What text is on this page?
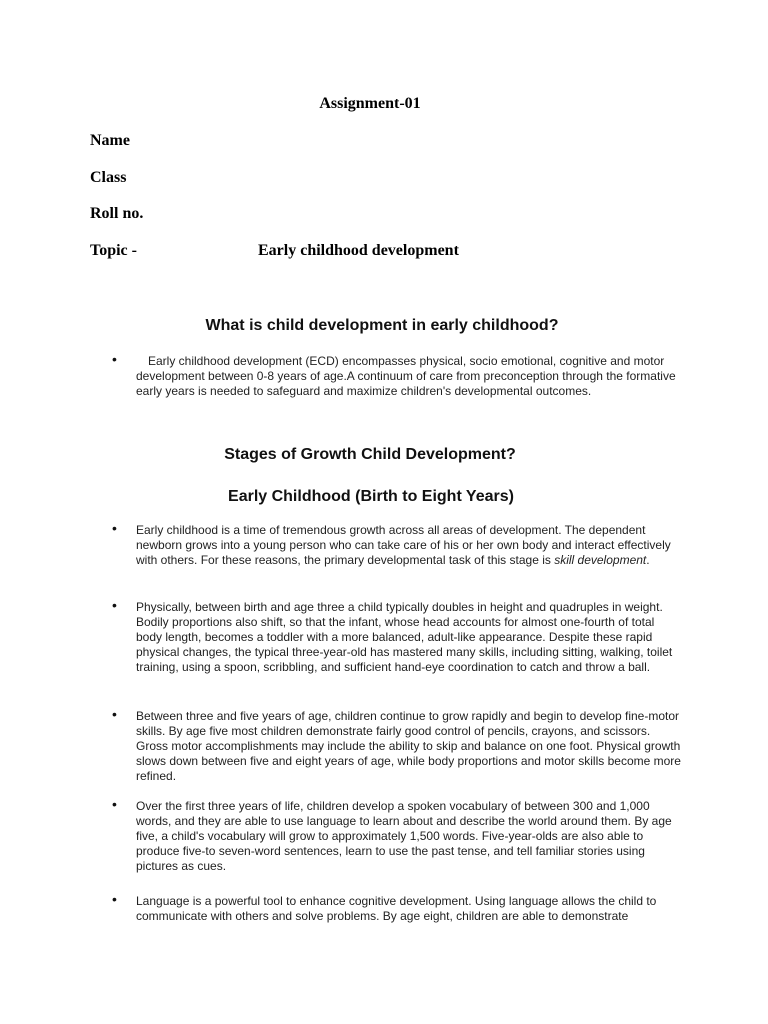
Assignment-01
Name
Class
Roll no.
Topic -	Early childhood development
What is child development in early childhood?
•	Early childhood development (ECD) encompasses physical, socio emotional, cognitive and motor development between 0-8 years of age.A continuum of care from preconception through the formative early years is needed to safeguard and maximize children's developmental outcomes.

Stages of Growth Child Development?
Early Childhood (Birth to Eight Years)
•	Early childhood is a time of tremendous growth across all areas of development. The dependent newborn grows into a young person who can take care of his or her own body and interact effectively with others. For these reasons, the primary developmental task of this stage is skill development.

•	Physically, between birth and age three a child typically doubles in height and quadruples in weight. Bodily proportions also shift, so that the infant, whose head accounts for almost one-fourth of total body length, becomes a toddler with a more balanced, adult-like appearance. Despite these rapid physical changes, the typical three-year-old has mastered many skills, including sitting, walking, toilet training, using a spoon, scribbling, and sufficient hand-eye coordination to catch and throw a ball.

•	Between three and five years of age, children continue to grow rapidly and begin to develop fine-motor skills. By age five most children demonstrate fairly good control of pencils, crayons, and scissors. Gross motor accomplishments may include the ability to skip and balance on one foot. Physical growth slows down between five and eight years of age, while body proportions and motor skills become more refined.

•	Over the first three years of life, children develop a spoken vocabulary of between 300 and 1,000 words, and they are able to use language to learn about and describe the world around them. By age five, a child's vocabulary will grow to approximately 1,500 words. Five-year-olds are also able to produce five-to seven-word sentences, learn to use the past tense, and tell familiar stories using pictures as cues.

•	Language is a powerful tool to enhance cognitive development. Using language allows the child to communicate with others and solve problems. By age eight, children are able to demonstrate
